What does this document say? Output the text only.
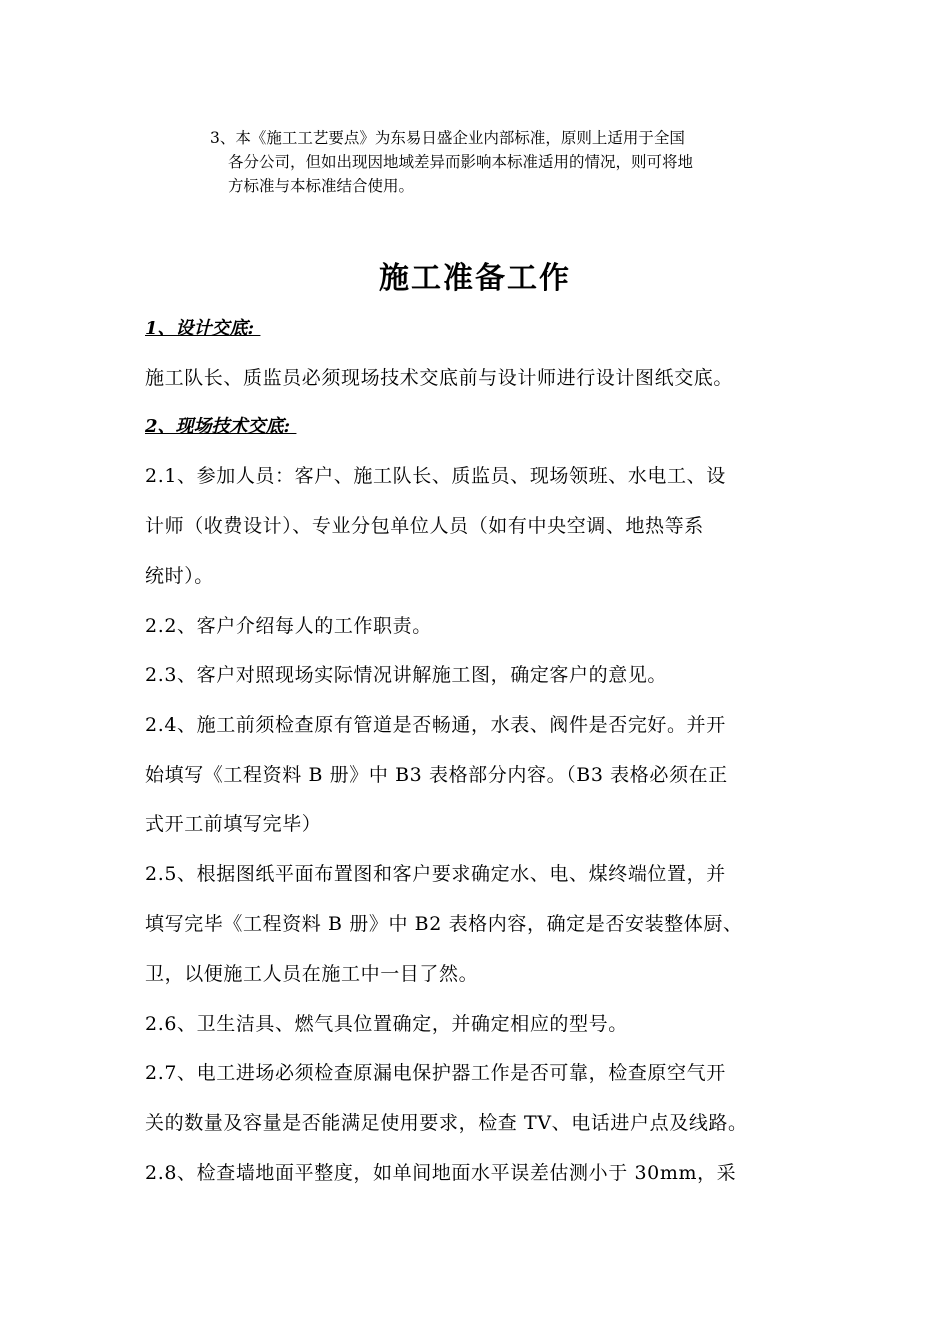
3、本《施工工艺要点》为东易日盛企业内部标准，原则上适用于全国
各分公司，但如出现因地域差异而影响本标准适用的情况，则可将地
方标准与本标准结合使用。
施工准备工作
1、设计交底:
施工队长、质监员必须现场技术交底前与设计师进行设计图纸交底。
2、现场技术交底:
2.1、参加人员：客户、施工队长、质监员、现场领班、水电工、设
计师（收费设计）、专业分包单位人员（如有中央空调、地热等系
统时）。
2.2、客户介绍每人的工作职责。
2.3、客户对照现场实际情况讲解施工图，确定客户的意见。
2.4、施工前须检查原有管道是否畅通，水表、阀件是否完好。并开
始填写《工程资料 B 册》中 B3 表格部分内容。（B3 表格必须在正
式开工前填写完毕）
2.5、根据图纸平面布置图和客户要求确定水、电、煤终端位置，并
填写完毕《工程资料 B 册》中 B2 表格内容，确定是否安装整体厨、
卫，以便施工人员在施工中一目了然。
2.6、卫生洁具、燃气具位置确定，并确定相应的型号。
2.7、电工进场必须检查原漏电保护器工作是否可靠，检查原空气开
关的数量及容量是否能满足使用要求，检查 TV、电话进户点及线路。
2.8、检查墙地面平整度，如单间地面水平误差估测小于 30mm，采
